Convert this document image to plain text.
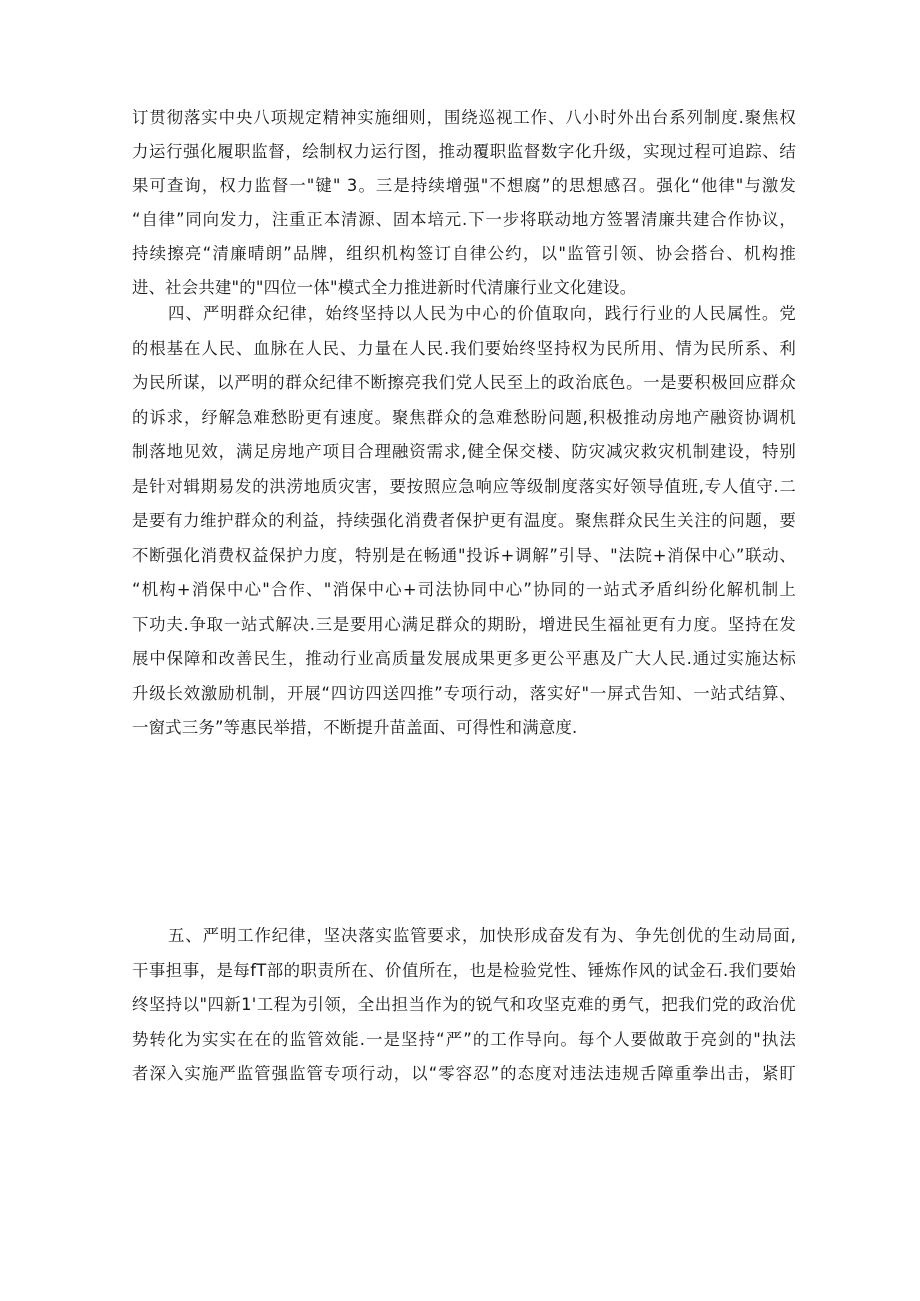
订贯彻落实中央八项规定精神实施细则，围绕巡视工作、八小时外出台系列制度.聚焦权
力运行强化履职监督，绘制权力运行图，推动覆职监督数字化升级，实现过程可追踪、结
果可查询，权力监督一"键" 3。三是持续增强"不想腐”的思想感召。强化“他律"与激发
“自律”同向发力，注重正本清源、固本培元.下一步将联动地方签署清廉共建合作协议，
持续擦亮“清廉晴朗”品牌，组织机构签订自律公约，以"监管引领、协会搭台、机构推
进、社会共建"的"四位一体"模式全力推进新时代清廉行业文化建设。
四、严明群众纪律，始终坚持以人民为中心的价值取向，践行行业的人民属性。党
的根基在人民、血脉在人民、力量在人民.我们要始终坚持权为民所用、情为民所系、利
为民所谋，以严明的群众纪律不断擦亮我们党人民至上的政治底色。一是要积极回应群众
的诉求，纾解急难愁盼更有速度。聚焦群众的急难愁盼问题,积极推动房地产融资协调机
制落地见效，满足房地产项目合理融资需求,健全保交楼、防灾减灾救灾机制建设，特别
是针对辑期易发的洪涝地质灾害，要按照应急响应等级制度落实好领导值班,专人值守.二
是要有力维护群众的利益，持续强化消费者保护更有温度。聚焦群众民生关注的问题，要
不断强化消费权益保护力度，特别是在畅通"投诉+调解”引导、"法院+消保中心”联动、
“机构+消保中心"合作、"消保中心+司法协同中心”协同的一站式矛盾纠纷化解机制上
下功夫.争取一站式解决.三是要用心满足群众的期盼，增进民生福祉更有力度。坚持在发
展中保障和改善民生，推动行业高质量发展成果更多更公平惠及广大人民.通过实施达标
升级长效激励机制，开展“四访四送四推”专项行动，落实好"一屏式告知、一站式结算、
一窗式三务”等惠民举措，不断提升苗盖面、可得性和满意度.
五、严明工作纪律，坚决落实监管要求，加快形成奋发有为、争先创优的生动局面,
干事担事，是每fT部的职责所在、价值所在，也是检验党性、锤炼作风的试金石.我们要始
终坚持以"四新1'工程为引领，全出担当作为的锐气和攻坚克难的勇气，把我们党的政治优
势转化为实实在在的监管效能.一是坚持“严”的工作导向。每个人要做敢于亮剑的"执法
者深入实施严监管强监管专项行动，以“零容忍”的态度对违法违规舌障重拳出击，紧盯
